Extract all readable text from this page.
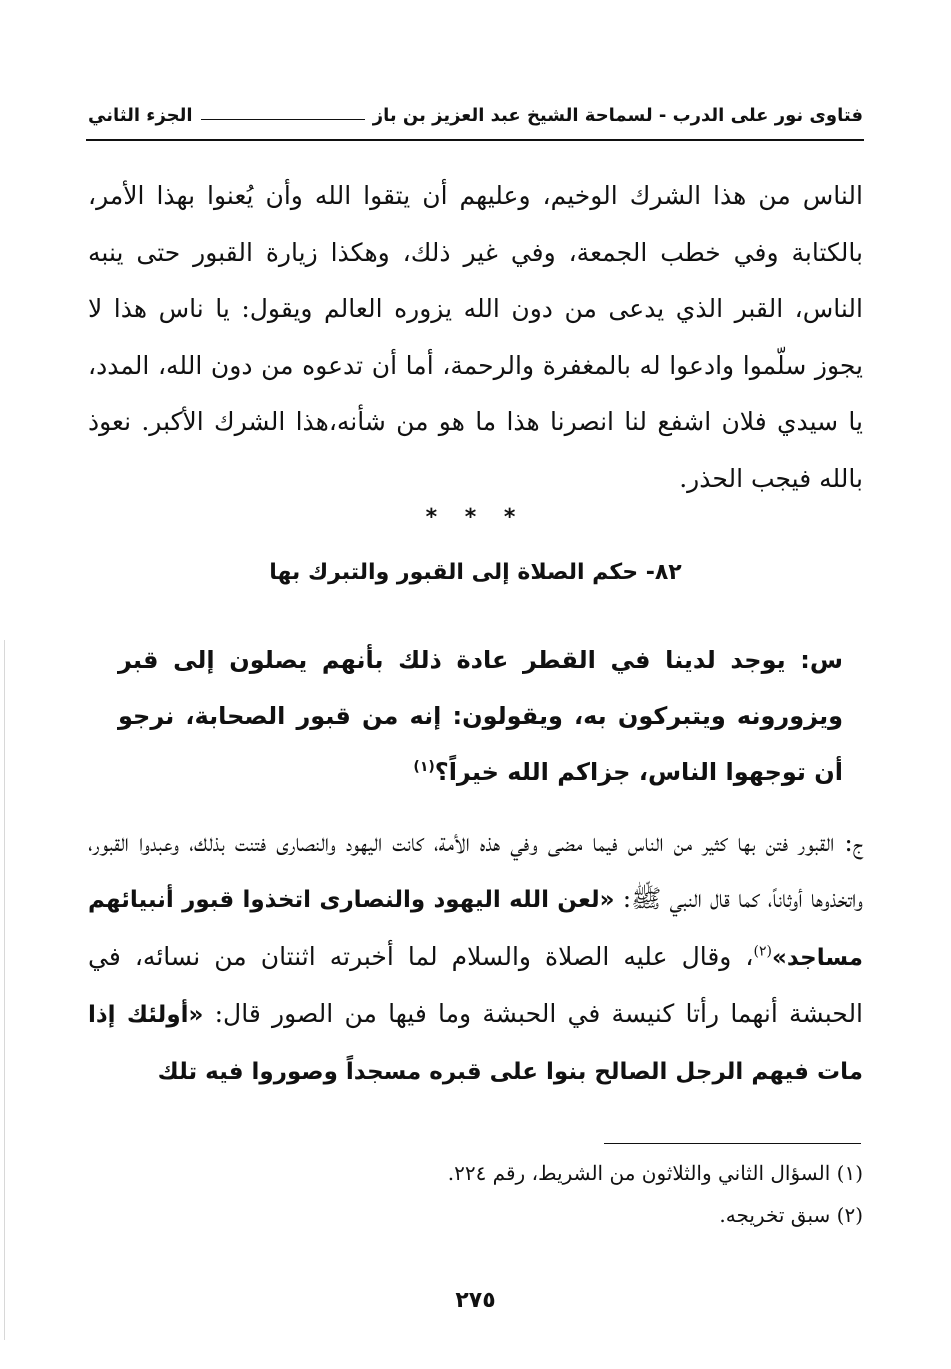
فتاوى نور على الدرب - لسماحة الشيخ عبد العزيز بن باز
الجزء الثاني

الناس من هذا الشرك الوخيم، وعليهم أن يتقوا الله وأن يُعنوا بهذا الأمر، بالكتابة وفي خطب الجمعة، وفي غير ذلك، وهكذا زيارة القبور حتى ينبه الناس، القبر الذي يدعى من دون الله يزوره العالم ويقول: يا ناس هذا لا يجوز سلّموا وادعوا له بالمغفرة والرحمة، أما أن تدعوه من دون الله، المدد، يا سيدي فلان اشفع لنا انصرنا هذا ما هو من شأنه،هذا الشرك الأكبر. نعوذ بالله فيجب الحذر.

* * *
٨٢- حكم الصلاة إلى القبور والتبرك بها

س: يوجد لدينا في القطر عادة ذلك بأنهم يصلون إلى قبر ويزورونه ويتبركون به، ويقولون: إنه من قبور الصحابة، نرجو أن توجهوا الناس، جزاكم الله خيراً؟$^{(١)}$

ج: القبور فتن بها كثير من الناس فيما مضى وفي هذه الأمة، كانت اليهود والنصارى فتنت بذلك، وعبدوا القبور، واتخذوها أوثاناً، كما قال النبي ﷺ: «لعن الله اليهود والنصارى اتخذوا قبور أنبيائهم مساجد»$^{(٢)}$، وقال عليه الصلاة والسلام لما أخبرته اثنتان من نسائه، في الحبشة أنهما رأتا كنيسة في الحبشة وما فيها من الصور قال: «أولئك إذا مات فيهم الرجل الصالح بنوا على قبره مسجداً وصوروا فيه تلك

(١) السؤال الثاني والثلاثون من الشريط، رقم ٢٢٤.
(٢) سبق تخريجه.
٢٧٥
